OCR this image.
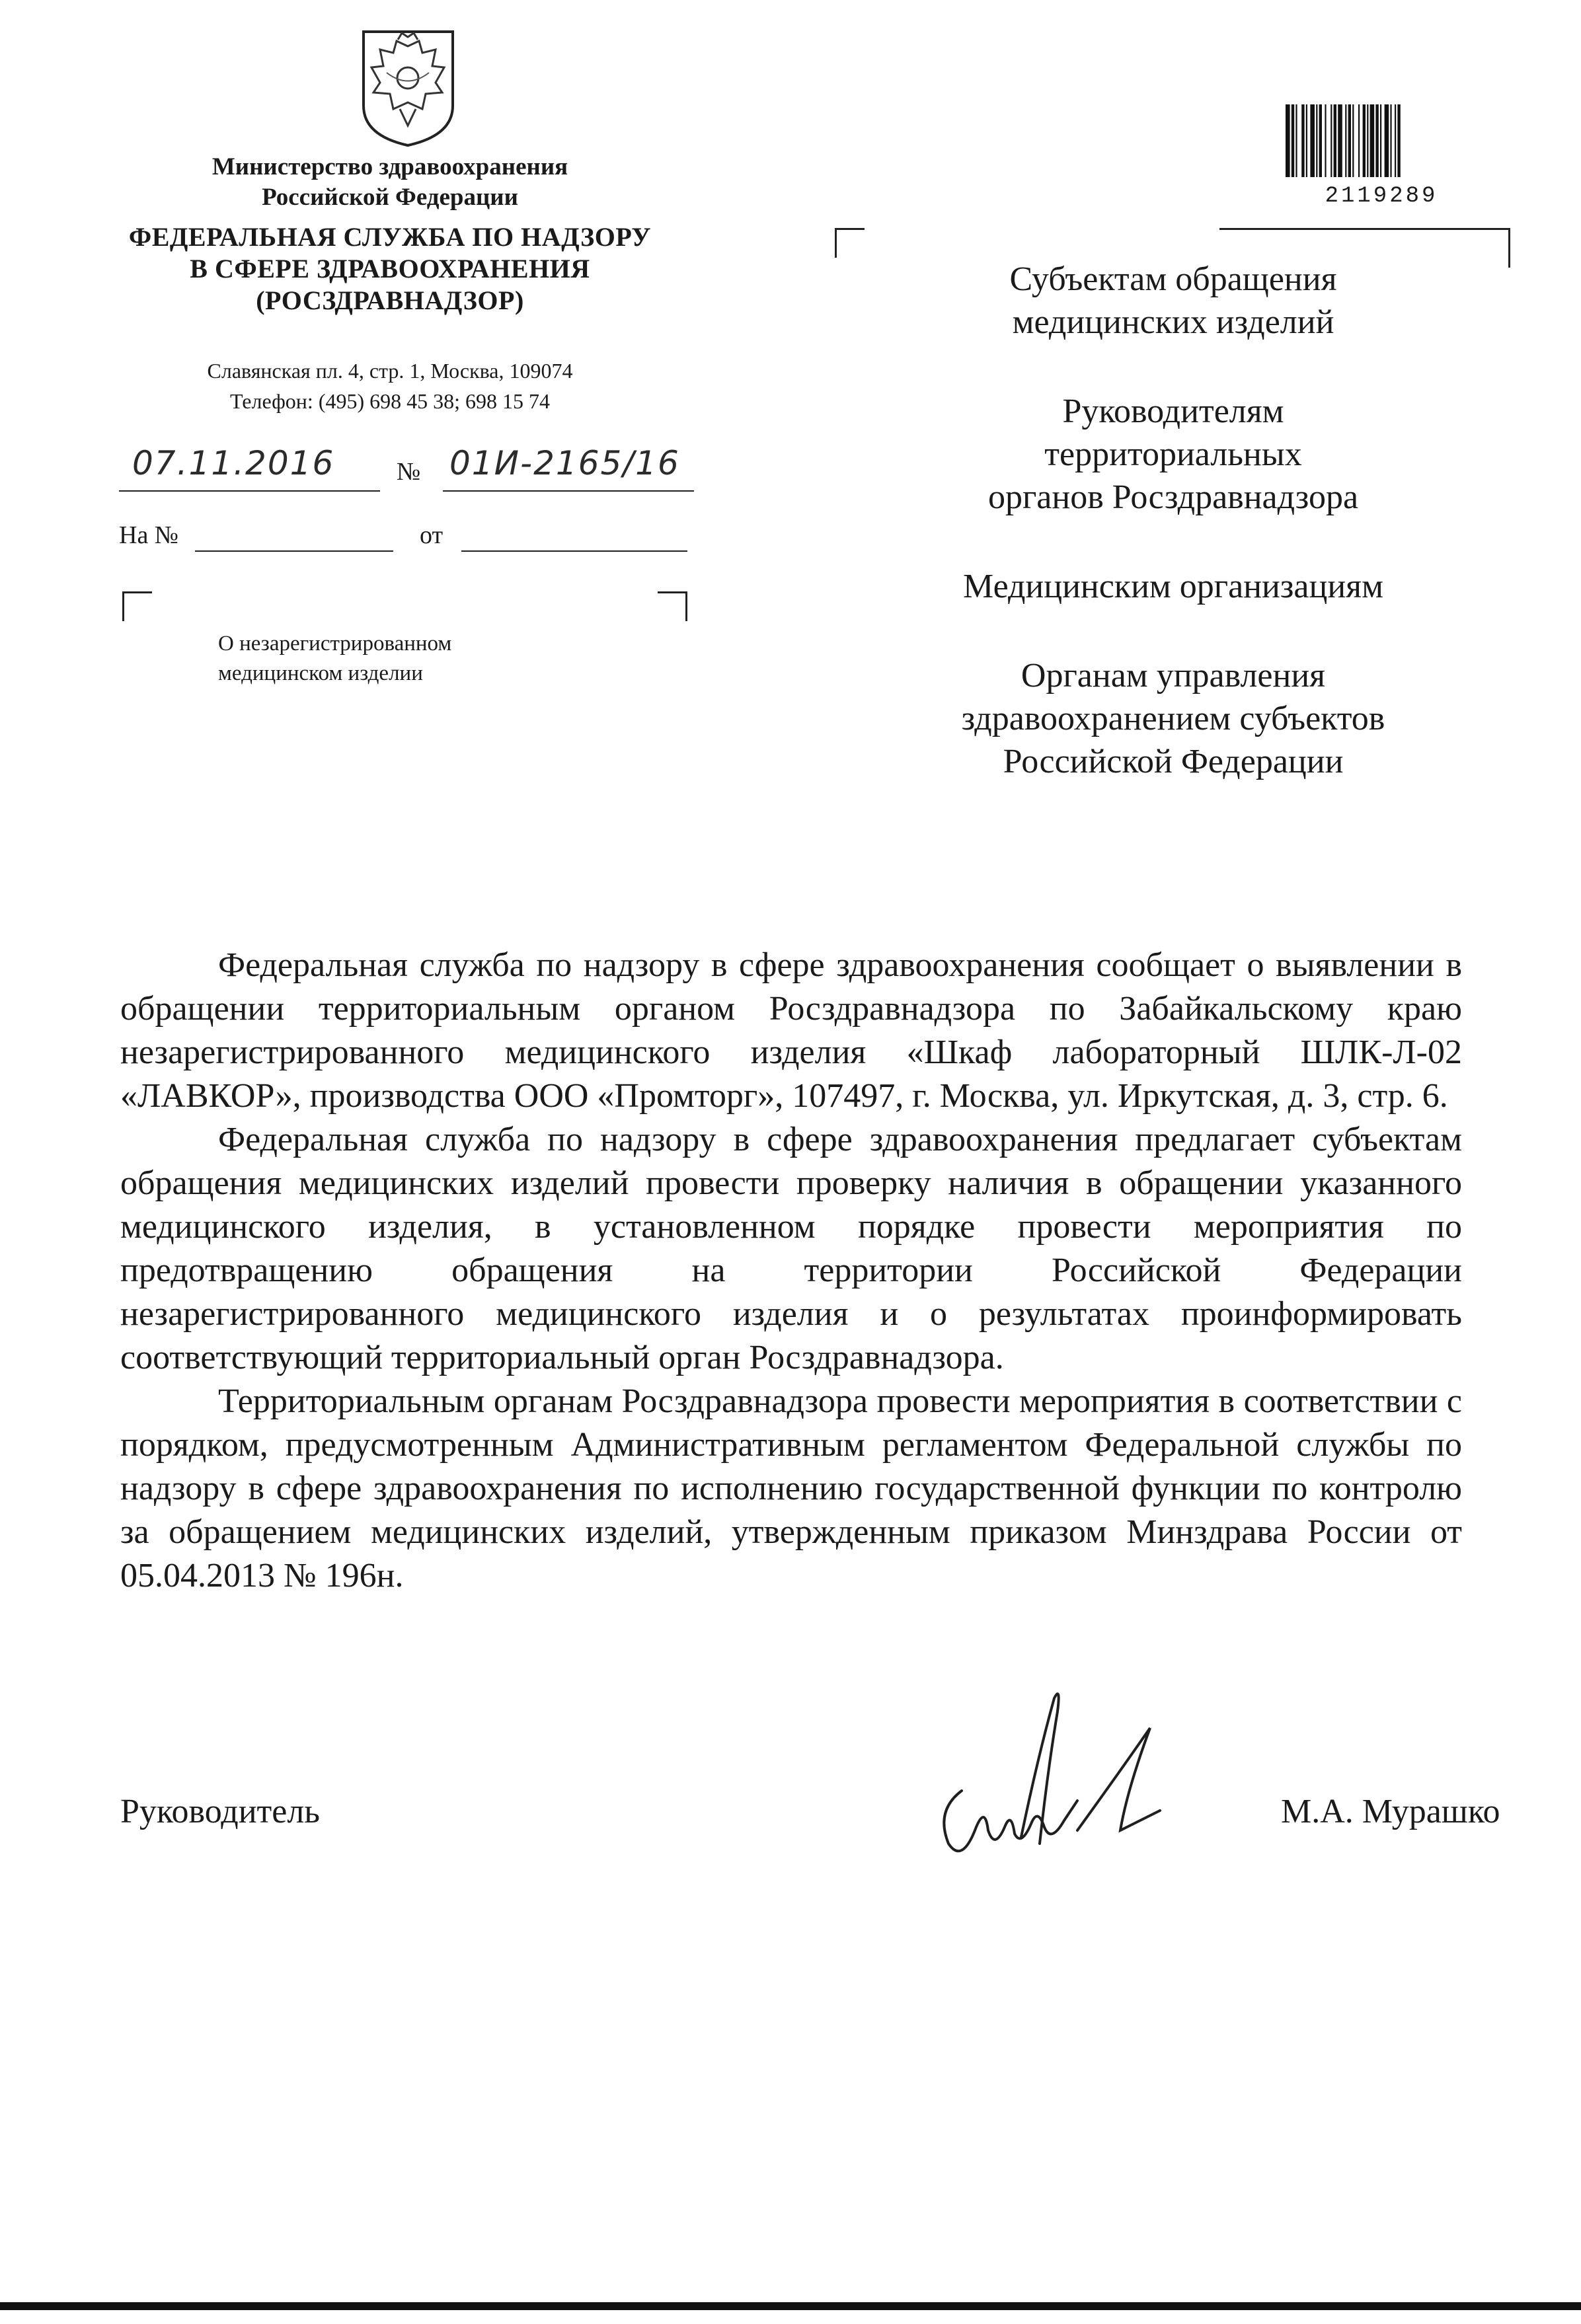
Министерство здравоохранения
Российской Федерации
ФЕДЕРАЛЬНАЯ СЛУЖБА ПО НАДЗОРУ
В СФЕРЕ ЗДРАВООХРАНЕНИЯ
(РОСЗДРАВНАДЗОР)
Славянская пл. 4, стр. 1, Москва, 109074
Телефон: (495) 698 45 38; 698 15 74
07.11.2016 № 01И-2165/16
На №	от
О незарегистрированном
медицинском изделии
2119289
Субъектам обращения
медицинских изделий
Руководителям
территориальных
органов Росздравнадзора
Медицинским организациям
Органам управления
здравоохранением субъектов
Российской Федерации

Федеральная служба по надзору в сфере здравоохранения сообщает о выявлении в обращении территориальным органом Росздравнадзора по Забайкальскому краю незарегистрированного медицинского изделия «Шкаф лабораторный ШЛК-Л-02 «ЛАВКОР», производства ООО «Промторг», 107497, г. Москва, ул. Иркутская, д. 3, стр. 6.

Федеральная служба по надзору в сфере здравоохранения предлагает субъектам обращения медицинских изделий провести проверку наличия в обращении указанного медицинского изделия, в установленном порядке провести мероприятия по предотвращению обращения на территории Российской Федерации незарегистрированного медицинского изделия и о результатах проинформировать соответствующий территориальный орган Росздравнадзора.

Территориальным органам Росздравнадзора провести мероприятия в соответствии с порядком, предусмотренным Административным регламентом Федеральной службы по надзору в сфере здравоохранения по исполнению государственной функции по контролю за обращением медицинских изделий, утвержденным приказом Минздрава России от 05.04.2013 № 196н.

Руководитель	М.А. Мурашко
